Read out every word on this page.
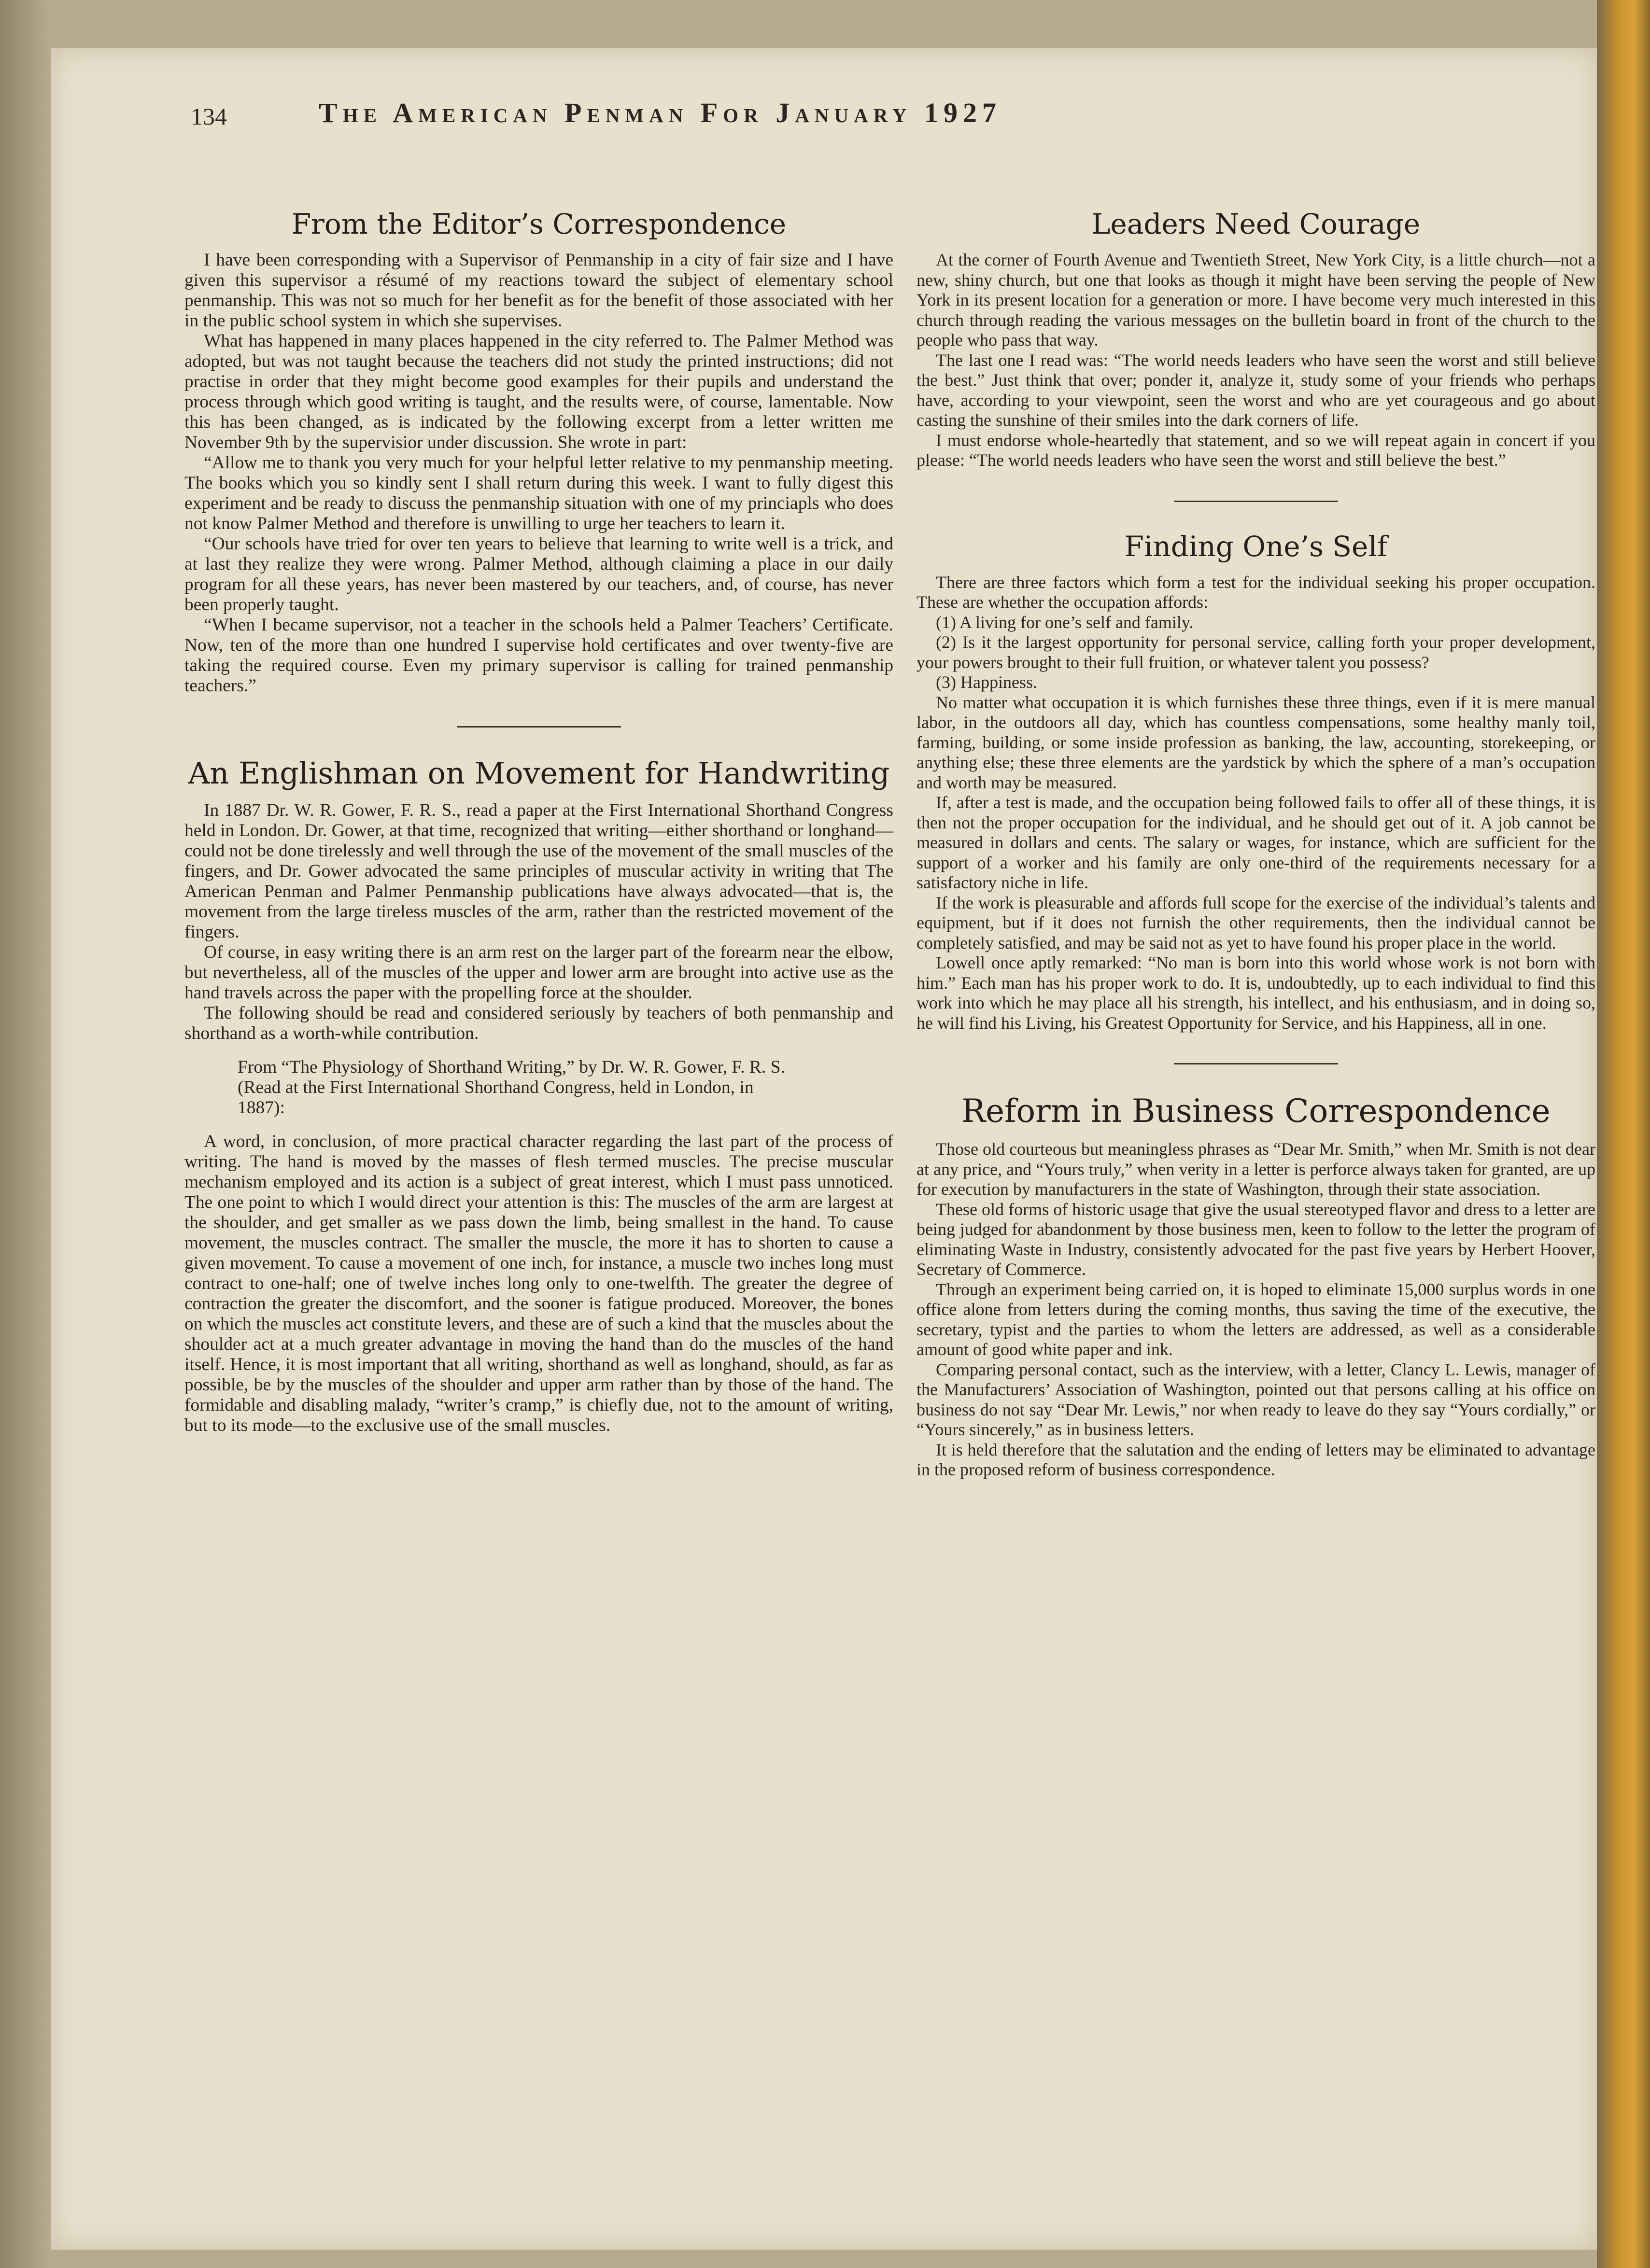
134	The American Penman For January 1927
From the Editor’s Correspondence

I have been corresponding with a Supervisor of Penmanship in a city of fair size and I have given this supervisor a résumé of my reactions toward the subject of elementary school penmanship. This was not so much for her benefit as for the benefit of those associated with her in the public school system in which she supervises.

What has happened in many places happened in the city referred to. The Palmer Method was adopted, but was not taught because the teachers did not study the printed instructions; did not practise in order that they might become good examples for their pupils and understand the process through which good writing is taught, and the results were, of course, lamentable. Now this has been changed, as is indicated by the following excerpt from a letter written me November 9th by the supervisior under discussion. She wrote in part:

“Allow me to thank you very much for your helpful letter relative to my penmanship meeting. The books which you so kindly sent I shall return during this week. I want to fully digest this experiment and be ready to discuss the penmanship situation with one of my princiapls who does not know Palmer Method and therefore is unwilling to urge her teachers to learn it.

“Our schools have tried for over ten years to believe that learning to write well is a trick, and at last they realize they were wrong. Palmer Method, although claiming a place in our daily program for all these years, has never been mastered by our teachers, and, of course, has never been properly taught.

“When I became supervisor, not a teacher in the schools held a Palmer Teachers’ Certificate. Now, ten of the more than one hundred I supervise hold certificates and over twenty-five are taking the required course. Even my primary supervisor is calling for trained penmanship teachers.”

An Englishman on Movement for Handwriting

In 1887 Dr. W. R. Gower, F. R. S., read a paper at the First International Shorthand Congress held in London. Dr. Gower, at that time, recognized that writing—either shorthand or longhand—could not be done tirelessly and well through the use of the movement of the small muscles of the fingers, and Dr. Gower advocated the same principles of muscular activity in writing that The American Penman and Palmer Penmanship publications have always advocated—that is, the movement from the large tireless muscles of the arm, rather than the restricted movement of the fingers.

Of course, in easy writing there is an arm rest on the larger part of the forearm near the elbow, but nevertheless, all of the muscles of the upper and lower arm are brought into active use as the hand travels across the paper with the propelling force at the shoulder.

The following should be read and considered seriously by teachers of both penmanship and shorthand as a worth-while contribution.

From “The Physiology of Shorthand Writing,” by Dr. W. R. Gower, F. R. S. (Read at the First International Shorthand Congress, held in London, in 1887):

A word, in conclusion, of more practical character regarding the last part of the process of writing. The hand is moved by the masses of flesh termed muscles. The precise muscular mechanism employed and its action is a subject of great interest, which I must pass unnoticed. The one point to which I would direct your attention is this: The muscles of the arm are largest at the shoulder, and get smaller as we pass down the limb, being smallest in the hand. To cause movement, the muscles contract. The smaller the muscle, the more it has to shorten to cause a given movement. To cause a movement of one inch, for instance, a muscle two inches long must contract to one-half; one of twelve inches long only to one-twelfth. The greater the degree of contraction the greater the discomfort, and the sooner is fatigue produced. Moreover, the bones on which the muscles act constitute levers, and these are of such a kind that the muscles about the shoulder act at a much greater advantage in moving the hand than do the muscles of the hand itself. Hence, it is most important that all writing, shorthand as well as longhand, should, as far as possible, be by the muscles of the shoulder and upper arm rather than by those of the hand. The formidable and disabling malady, “writer’s cramp,” is chiefly due, not to the amount of writing, but to its mode—to the exclusive use of the small muscles.

Leaders Need Courage

At the corner of Fourth Avenue and Twentieth Street, New York City, is a little church—not a new, shiny church, but one that looks as though it might have been serving the people of New York in its present location for a generation or more. I have become very much interested in this church through reading the various messages on the bulletin board in front of the church to the people who pass that way.

The last one I read was: “The world needs leaders who have seen the worst and still believe the best.” Just think that over; ponder it, analyze it, study some of your friends who perhaps have, according to your viewpoint, seen the worst and who are yet courageous and go about casting the sunshine of their smiles into the dark corners of life.

I must endorse whole-heartedly that statement, and so we will repeat again in concert if you please: “The world needs leaders who have seen the worst and still believe the best.”

Finding One’s Self

There are three factors which form a test for the individual seeking his proper occupation. These are whether the occupation affords:

(1) A living for one’s self and family.

(2) Is it the largest opportunity for personal service, calling forth your proper development, your powers brought to their full fruition, or whatever talent you possess?

(3) Happiness.

No matter what occupation it is which furnishes these three things, even if it is mere manual labor, in the outdoors all day, which has countless compensations, some healthy manly toil, farming, building, or some inside profession as banking, the law, accounting, storekeeping, or anything else; these three elements are the yardstick by which the sphere of a man’s occupation and worth may be measured.

If, after a test is made, and the occupation being followed fails to offer all of these things, it is then not the proper occupation for the individual, and he should get out of it. A job cannot be measured in dollars and cents. The salary or wages, for instance, which are sufficient for the support of a worker and his family are only one-third of the requirements necessary for a satisfactory niche in life.

If the work is pleasurable and affords full scope for the exercise of the individual’s talents and equipment, but if it does not furnish the other requirements, then the individual cannot be completely satisfied, and may be said not as yet to have found his proper place in the world.

Lowell once aptly remarked: “No man is born into this world whose work is not born with him.” Each man has his proper work to do. It is, undoubtedly, up to each individual to find this work into which he may place all his strength, his intellect, and his enthusiasm, and in doing so, he will find his Living, his Greatest Opportunity for Service, and his Happiness, all in one.

Reform in Business Correspondence

Those old courteous but meaningless phrases as “Dear Mr. Smith,” when Mr. Smith is not dear at any price, and “Yours truly,” when verity in a letter is perforce always taken for granted, are up for execution by manufacturers in the state of Washington, through their state association.

These old forms of historic usage that give the usual stereotyped flavor and dress to a letter are being judged for abandonment by those business men, keen to follow to the letter the program of eliminating Waste in Industry, consistently advocated for the past five years by Herbert Hoover, Secretary of Commerce.

Through an experiment being carried on, it is hoped to eliminate 15,000 surplus words in one office alone from letters during the coming months, thus saving the time of the executive, the secretary, typist and the parties to whom the letters are addressed, as well as a considerable amount of good white paper and ink.

Comparing personal contact, such as the interview, with a letter, Clancy L. Lewis, manager of the Manufacturers’ Association of Washington, pointed out that persons calling at his office on business do not say “Dear Mr. Lewis,” nor when ready to leave do they say “Yours cordially,” or “Yours sincerely,” as in business letters.

It is held therefore that the salutation and the ending of letters may be eliminated to advantage in the proposed reform of business correspondence.
